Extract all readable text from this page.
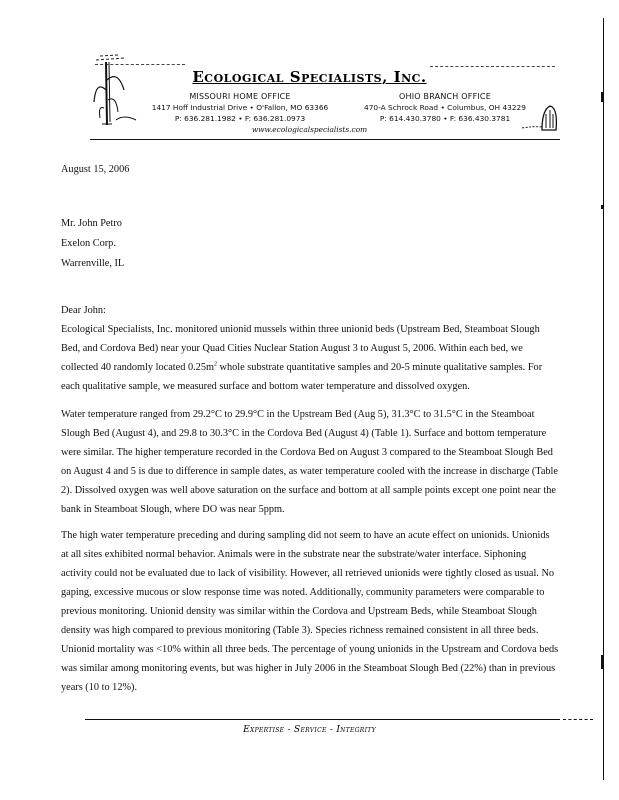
Ecological Specialists, Inc.
MISSOURI HOME OFFICE
1417 Hoff Industrial Drive • O'Fallon, MO 63366
P: 636.281.1982 • F: 636.281.0973
OHIO BRANCH OFFICE
470-A Schrock Road • Columbus, OH 43229
P: 614.430.3780 • F: 636.430.3781
www.ecologicalspecialists.com
August 15, 2006
Mr. John Petro
Exelon Corp.
Warrenville, IL
Dear John:
Ecological Specialists, Inc. monitored unionid mussels within three unionid beds (Upstream Bed, Steamboat Slough
Bed, and Cordova Bed) near your Quad Cities Nuclear Station August 3 to August 5, 2006. Within each bed, we
collected 40 randomly located $0.25m^2$ whole substrate quantitative samples and 20-5 minute qualitative samples. For
each qualitative sample, we measured surface and bottom water temperature and dissolved oxygen.
Water temperature ranged from 29.2°C to 29.9°C in the Upstream Bed (Aug 5), 31.3°C to 31.5°C in the Steamboat
Slough Bed (August 4), and 29.8 to 30.3°C in the Cordova Bed (August 4) (Table 1). Surface and bottom temperature
were similar. The higher temperature recorded in the Cordova Bed on August 3 compared to the Steamboat Slough Bed
on August 4 and 5 is due to difference in sample dates, as water temperature cooled with the increase in discharge (Table
2). Dissolved oxygen was well above saturation on the surface and bottom at all sample points except one point near the
bank in Steamboat Slough, where DO was near 5ppm.
The high water temperature preceding and during sampling did not seem to have an acute effect on unionids. Unionids
at all sites exhibited normal behavior. Animals were in the substrate near the substrate/water interface. Siphoning
activity could not be evaluated due to lack of visibility. However, all retrieved unionids were tightly closed as usual. No
gaping, excessive mucous or slow response time was noted. Additionally, community parameters were comparable to
previous monitoring. Unionid density was similar within the Cordova and Upstream Beds, while Steamboat Slough
density was high compared to previous monitoring (Table 3). Species richness remained consistent in all three beds.
Unionid mortality was <10% within all three beds. The percentage of young unionids in the Upstream and Cordova beds
was similar among monitoring events, but was higher in July 2006 in the Steamboat Slough Bed (22%) than in previous
years (10 to 12%).
Expertise - Service - Integrity
